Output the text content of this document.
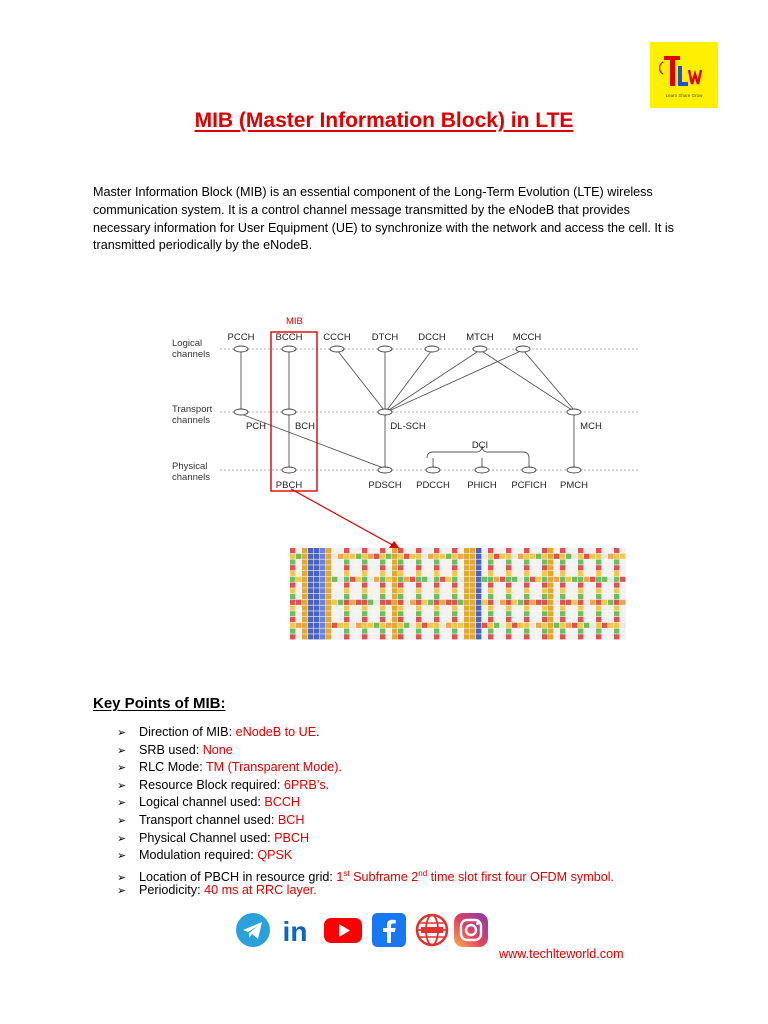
Learn Share Grow
MIB (Master Information Block) in LTE
Master Information Block (MIB) is an essential component of the Long-Term Evolution (LTE) wireless communication system. It is a control channel message transmitted by the eNodeB that provides necessary information for User Equipment (UE) to synchronize with the network and access the cell. It is transmitted periodically by the eNodeB.
Logical
channels
Transport
channels
Physical
channels
PCCH BCCH CCCH DTCH DCCH MTCH MCCH
PCH	BCH	DL-SCH	MCH
PBCH	PDSCH PDCCH PHICH PCFICH PMCH
DCI
MIB
Key Points of MIB:
➢ Direction of MIB: eNodeB to UE.
➢ SRB used: None
➢ RLC Mode: TM (Transparent Mode).
➢ Resource Block required: 6PRB’s.
➢ Logical channel used: BCCH
➢ Transport channel used: BCH
➢ Physical Channel used: PBCH
➢ Modulation required: QPSK
➢ Location of PBCH in resource grid: 1st Subframe 2nd time slot first four OFDM symbol.
➢ Periodicity: 40 ms at RRC layer.
in
www.techlteworld.com
